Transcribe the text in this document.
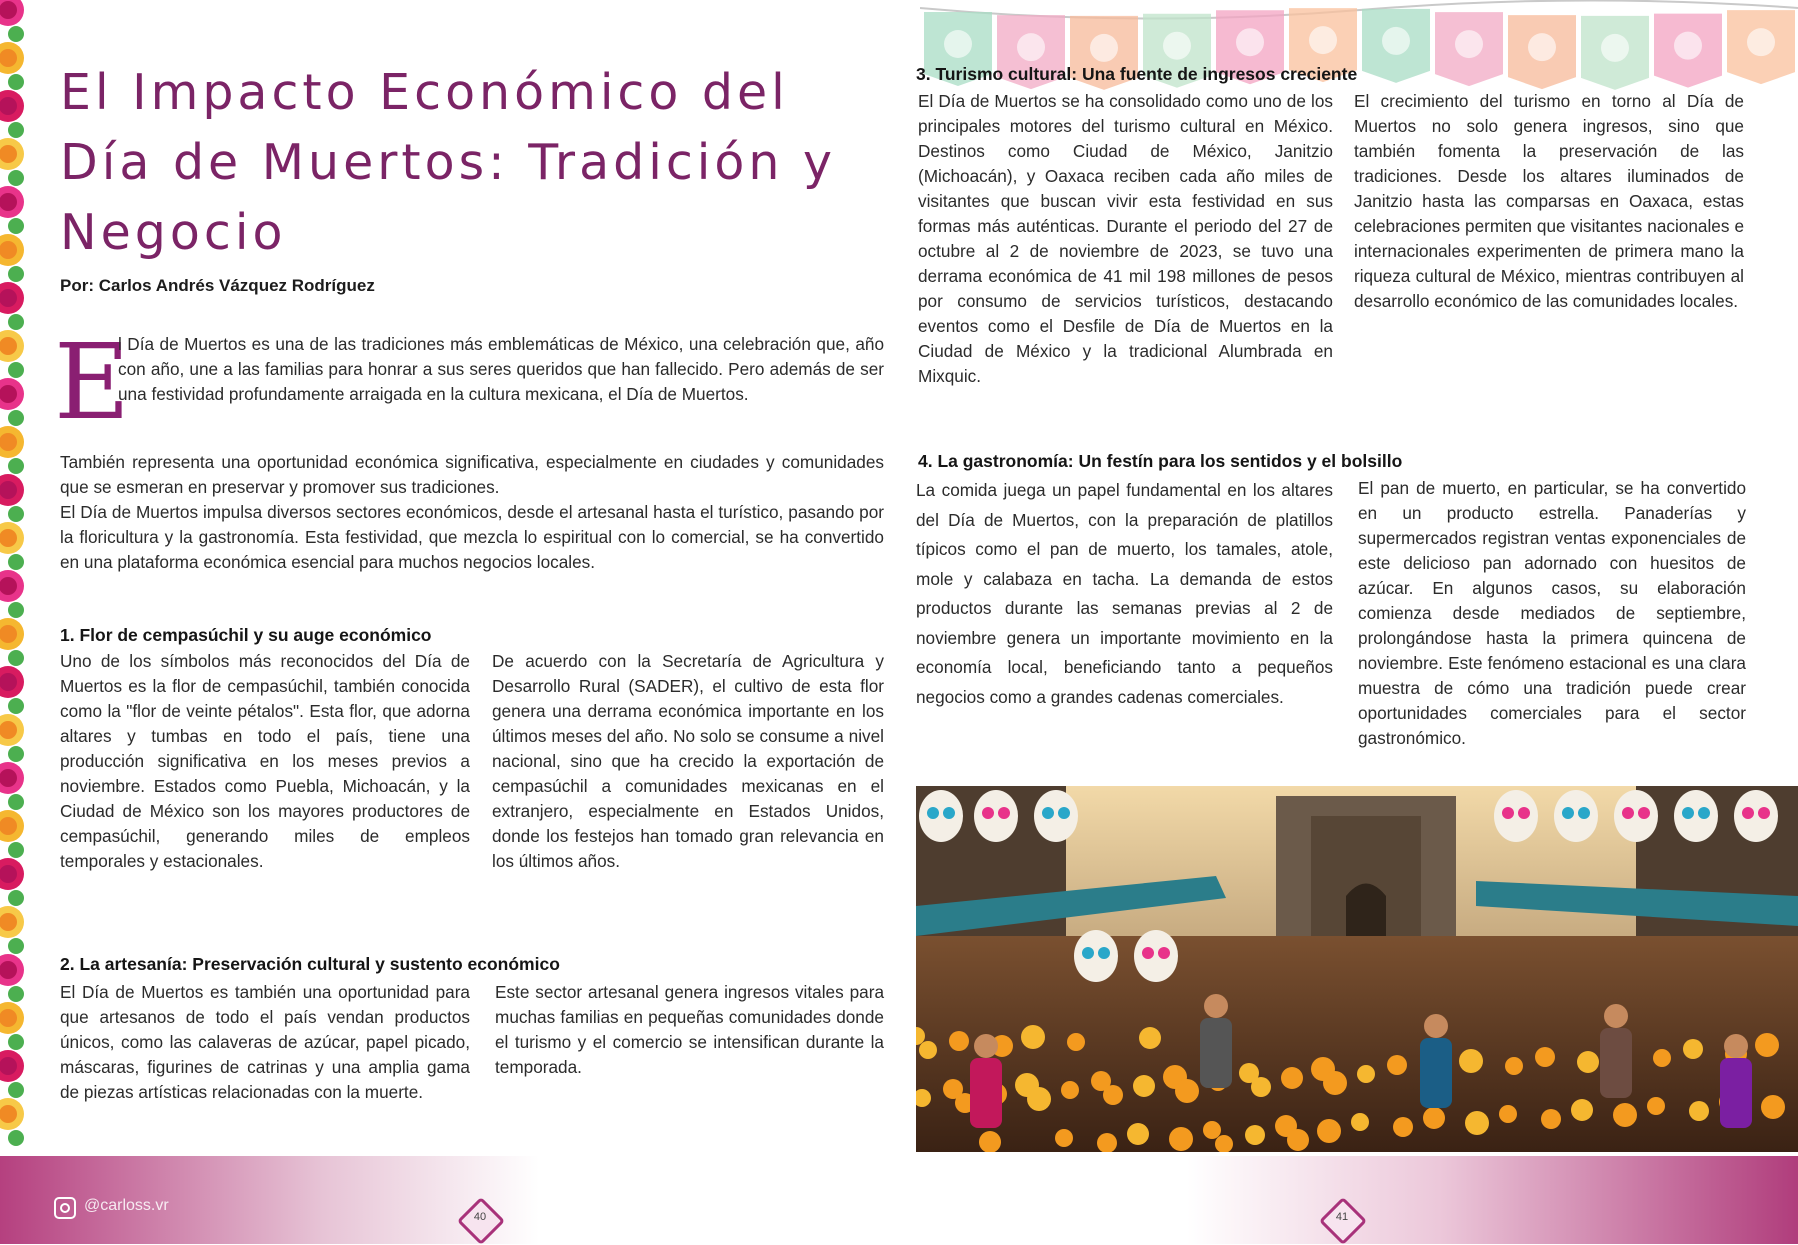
El Impacto Económico del Día de Muertos: Tradición y Negocio
Por: Carlos Andrés Vázquez Rodríguez
E
l Día de Muertos es una de las tradiciones más emblemáticas de México, una celebración que, año con año, une a las familias para honrar a sus seres queridos que han fallecido. Pero además de ser una festividad profundamente arraigada en la cultura mexicana, el Día de Muertos.

También representa una oportunidad económica significativa, especialmente en ciudades y comunidades que se esmeran en preservar y promover sus tradiciones.

El Día de Muertos impulsa diversos sectores económicos, desde el artesanal hasta el turístico, pasando por la floricultura y la gastronomía. Esta festividad, que mezcla lo espiritual con lo comercial, se ha convertido en una plataforma económica esencial para muchos negocios locales.

1. Flor de cempasúchil y su auge económico
Uno de los símbolos más reconocidos del Día de Muertos es la flor de cempasúchil, también conocida como la "flor de veinte pétalos". Esta flor, que adorna altares y tumbas en todo el país, tiene una producción significativa en los meses previos a noviembre. Estados como Puebla, Michoacán, y la Ciudad de México son los mayores productores de cempasúchil, generando miles de empleos temporales y estacionales.
De acuerdo con la Secretaría de Agricultura y Desarrollo Rural (SADER), el cultivo de esta flor genera una derrama económica importante en los últimos meses del año. No solo se consume a nivel nacional, sino que ha crecido la exportación de cempasúchil a comunidades mexicanas en el extranjero, especialmente en Estados Unidos, donde los festejos han tomado gran relevancia en los últimos años.
2. La artesanía: Preservación cultural y sustento económico
El Día de Muertos es también una oportunidad para que artesanos de todo el país vendan productos únicos, como las calaveras de azúcar, papel picado, máscaras, figurines de catrinas y una amplia gama de piezas artísticas relacionadas con la muerte.
Este sector artesanal genera ingresos vitales para muchas familias en pequeñas comunidades donde el turismo y el comercio se intensifican durante la temporada.
3. Turismo cultural: Una fuente de ingresos creciente
El Día de Muertos se ha consolidado como uno de los principales motores del turismo cultural en México. Destinos como Ciudad de México, Janitzio (Michoacán), y Oaxaca reciben cada año miles de visitantes que buscan vivir esta festividad en sus formas más auténticas. Durante el periodo del 27 de octubre al 2 de noviembre de 2023, se tuvo una derrama económica de 41 mil 198 millones de pesos por consumo de servicios turísticos, destacando eventos como el Desfile de Día de Muertos en la Ciudad de México y la tradicional Alumbrada en Mixquic.
El crecimiento del turismo en torno al Día de Muertos no solo genera ingresos, sino que también fomenta la preservación de las tradiciones. Desde los altares iluminados de Janitzio hasta las comparsas en Oaxaca, estas celebraciones permiten que visitantes nacionales e internacionales experimenten de primera mano la riqueza cultural de México, mientras contribuyen al desarrollo económico de las comunidades locales.
4. La gastronomía: Un festín para los sentidos y el bolsillo
La comida juega un papel fundamental en los altares del Día de Muertos, con la preparación de platillos típicos como el pan de muerto, los tamales, atole, mole y calabaza en tacha. La demanda de estos productos durante las semanas previas al 2 de noviembre genera un importante movimiento en la economía local, beneficiando tanto a pequeños negocios como a grandes cadenas comerciales.
El pan de muerto, en particular, se ha convertido en un producto estrella. Panaderías y supermercados registran ventas exponenciales de este delicioso pan adornado con huesitos de azúcar. En algunos casos, su elaboración comienza desde mediados de septiembre, prolongándose hasta la primera quincena de noviembre. Este fenómeno estacional es una clara muestra de cómo una tradición puede crear oportunidades comerciales para el sector gastronómico.
@carloss.vr
40	41
